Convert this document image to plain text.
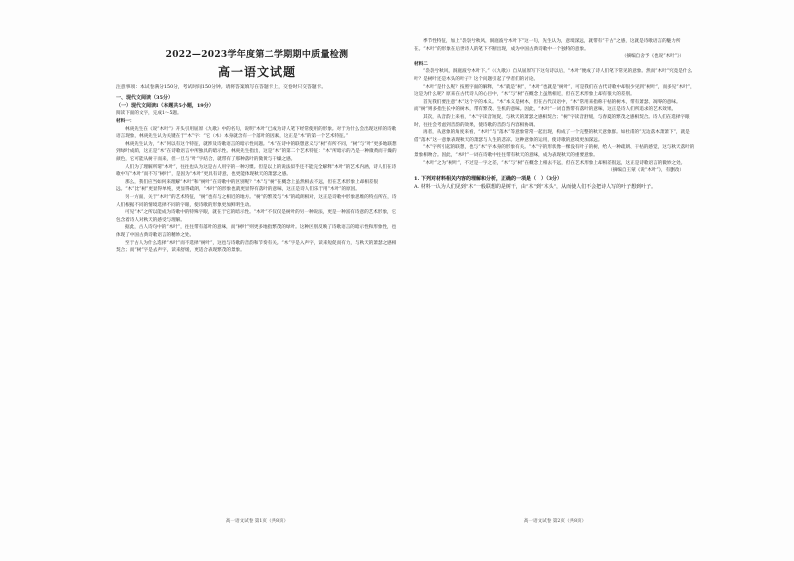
2022—2023学年度第二学期期中质量检测
高一语文试题
注意事项：本试卷满分150分，考试时间150分钟。请将答案填写在答题卡上，交卷时只交答题卡。
一、现代文阅读（35分）
（一）现代文阅读Ⅰ（本题共5小题，19分）
阅读下面的文字，完成1～5题。
材料一：

林庚先生在《说“木叶”》开头引用屈原《九歌》中的名句，说明“木叶”已成为诗人笔下经常使用的形象。对于为什么会出现这样的诗歌语言现象，林庚先生认为关键在于“木”字：“它（木）本身就含有一个落叶的因素，这正是“木”的第一个艺术特征。”

林庚先生认为，“木”何以有这个特征，就涉及诗歌语言的暗示性问题。“木”在诗中的联想意义与“树”有所不同，“树”与“叶”更多地联想到绿叶成荫，这正是“木”在诗歌语言中所独具的暗示性。林庚先生指出，这是“木”的第二个艺术特征：“木”所暗示的乃是一种微黄而干燥的颜色，它可能从树干而来，但一旦与“叶”字结合，就带有了那种落叶的微黄与干燥之感。

人们为了理解所谓“木叶”，往往也认为这是古人用字的一种习惯。但是以上的说法似乎还不能完全解释“木叶”的艺术内涵，诗人们在诗歌中写“木叶”而不写“树叶”，是因为“木叶”更具有诗意，也更能体现秋天的萧瑟之感。

那么，我们应当如何来理解“木叶”和“树叶”在诗歌中的区别呢？“木”与“树”在概念上虽然相去不远，但在艺术形象上却相差很远。“木”比“树”更显得单纯，更显得疏朗，“木叶”的形象也就更显得有落叶的意味，这正是诗人们乐于用“木叶”的原因。

另一方面，关于“木叶”的艺术特征，“树”也有与之相近的地方。“树”的繁茂与“木”的疏朗相对，这正是诗歌中形象思维的特点所在，诗人们根据不同的情境选择不同的字眼，使诗歌的形象更加鲜明生动。

可见“木”之所以能成为诗歌中的特殊字眼，就在于它的暗示性。“木叶”不仅仅是树叶的另一种说法，更是一种富有诗意的艺术形象，它包含着诗人对秋天的感受与理解。

据此，古人诗句中的“木叶”，往往带有落叶的意味，而“树叶”则更多地指繁茂的绿叶。这种区别反映了诗歌语言的暗示性和形象性，也体现了中国古典诗歌语言的精妙之处。

至于古人为什么选择“木叶”而不选择“树叶”，这也与诗歌的音韵和节奏有关。“木”字是入声字，读来短促而有力，与秋天的萧瑟之感相契合；而“树”字是去声字，读来舒缓，更适合表现繁茂的景象。

高一语文试卷 第1页（共8页）

季节性特征，加上“袅袅兮秋风，洞庭波兮木叶下”这一句，先生认为，意境深远，就带有“千古”之感，这就是诗歌语言的魅力所在。“木叶”的形象在后世诗人的笔下不断出现，成为中国古典诗歌中一个独特的意象。

（摘编自舍予《也说“木叶”》）
材料二

“袅袅兮秋风，洞庭波兮木叶下。”（《九歌》）自从屈原写下这句诗以后，“木叶”便成了诗人们笔下常见的意象。然而“木叶”究竟是什么叶？是树叶还是木头的叶子？这个问题引起了学者们的讨论。

“木叶”是什么呢？按照字面的解释，“木”就是“树”，“木叶”也就是“树叶”，可是我们在古代诗歌中却很少见到“树叶”，而多见“木叶”，这是为什么呢？原来在古代诗人的心目中，“木”与“树”在概念上虽然相近，但在艺术形象上却有很大的差别。

首先我们要注意“木”这个字的本义。“木”本义是树木，但在古代汉语中，“木”常用来指称干枯的树木，带有萧瑟、凋零的意味。而“树”则多指生长中的树木，带有繁茂、生机的意味。因此，“木叶”一词自然带有落叶的意味，这正是诗人们所追求的艺术效果。

其次，从音韵上来看，“木”字读音短促，与秋天的萧瑟之感相契合；“树”字读音舒缓，与春夏的繁茂之感相契合。诗人们在选择字眼时，往往会考虑到音韵的效果，使诗歌的音韵与内容相协调。

再者，从意象的角度来看，“木叶”与“落木”等意象常常一起出现，构成了一个完整的秋天意象群。如杜甫的“无边落木萧萧下”，就是借“落木”这一意象表现秋天的萧瑟与人生的悲凉。这种意象的运用，使诗歌的意境更加深远。

“木”字所引起的联想，也与“木”字本身的形象有关。“木”字的形状像一棵没有叶子的树，给人一种疏朗、干枯的感觉，这与秋天落叶的景象相吻合。因此，“木叶”一词在诗歌中往往带有秋天的意味，成为表现秋天的重要意象。

“木叶”之为“树叶”，不过是一字之差，“木”与“树”在概念上相去不远，但在艺术形象上却相差很远，这正是诗歌语言的微妙之处。

（摘编自王蒙《说“木叶”》，有删改）
1. 下列对材料相关内容的理解和分析，正确的一项是（　）（3分）
A. 材料一认为人们见到“木”一般联想的是树干，由“木”到“木头”，从而使人们不会把诗人写的叶子想到叶子。
高一语文试卷 第2页（共8页）
